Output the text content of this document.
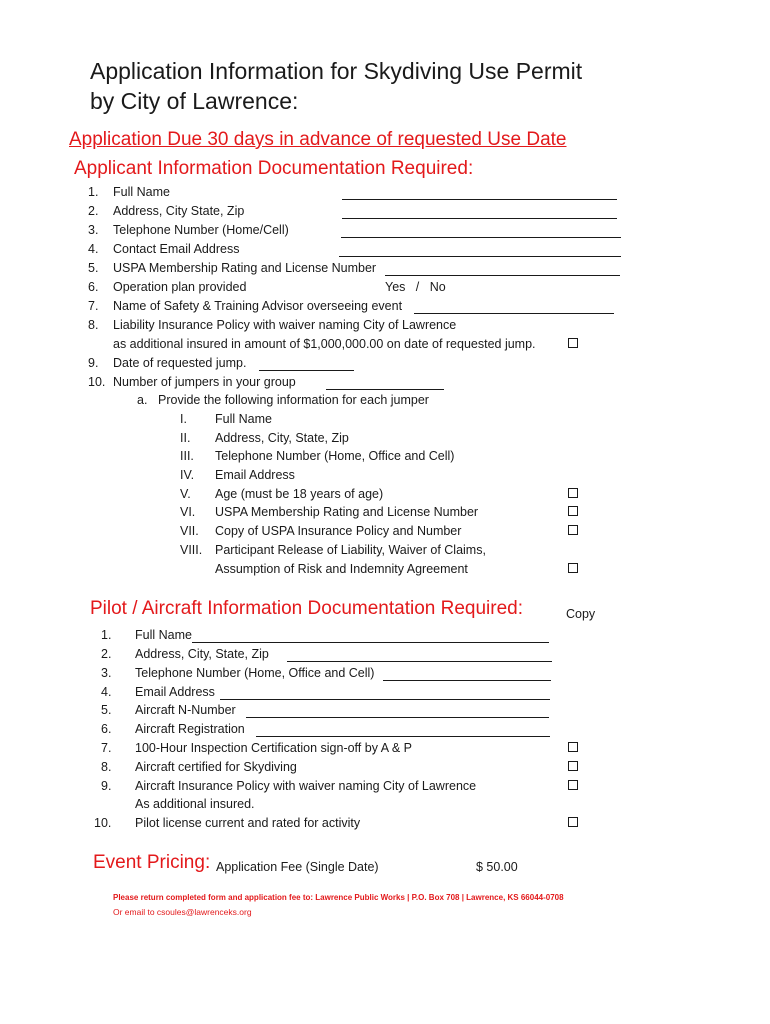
Application Information for Skydiving Use Permit
by City of Lawrence:
Application Due 30 days in advance of requested Use Date
Applicant Information Documentation Required:
1. Full Name
2. Address, City State, Zip
3. Telephone Number (Home/Cell)
4. Contact Email Address
5. USPA Membership Rating and License Number
6. Operation plan provided	Yes   /   No
7. Name of Safety & Training Advisor overseeing event
8. Liability Insurance Policy with waiver naming City of Lawrence
as additional insured in amount of $1,000,000.00 on date of requested jump.
9. Date of requested jump.
10. Number of jumpers in your group
a. Provide the following information for each jumper
I. Full Name
II. Address, City, State, Zip
III. Telephone Number (Home, Office and Cell)
IV. Email Address
V. Age (must be 18 years of age)
VI. USPA Membership Rating and License Number
VII. Copy of USPA Insurance Policy and Number
VIII. Participant Release of Liability, Waiver of Claims,
Assumption of Risk and Indemnity Agreement
Pilot / Aircraft Information Documentation Required:	Copy
1. Full Name
2. Address, City, State, Zip
3. Telephone Number (Home, Office and Cell)
4. Email Address
5. Aircraft N-Number
6. Aircraft Registration
7. 100-Hour Inspection Certification sign-off by A & P
8. Aircraft certified for Skydiving
9. Aircraft Insurance Policy with waiver naming City of Lawrence
As additional insured.
10. Pilot license current and rated for activity
Event Pricing: Application Fee (Single Date)	$ 50.00
Please return completed form and application fee to: Lawrence Public Works | P.O. Box 708 | Lawrence, KS 66044-0708
Or email to csoules@lawrenceks.org
